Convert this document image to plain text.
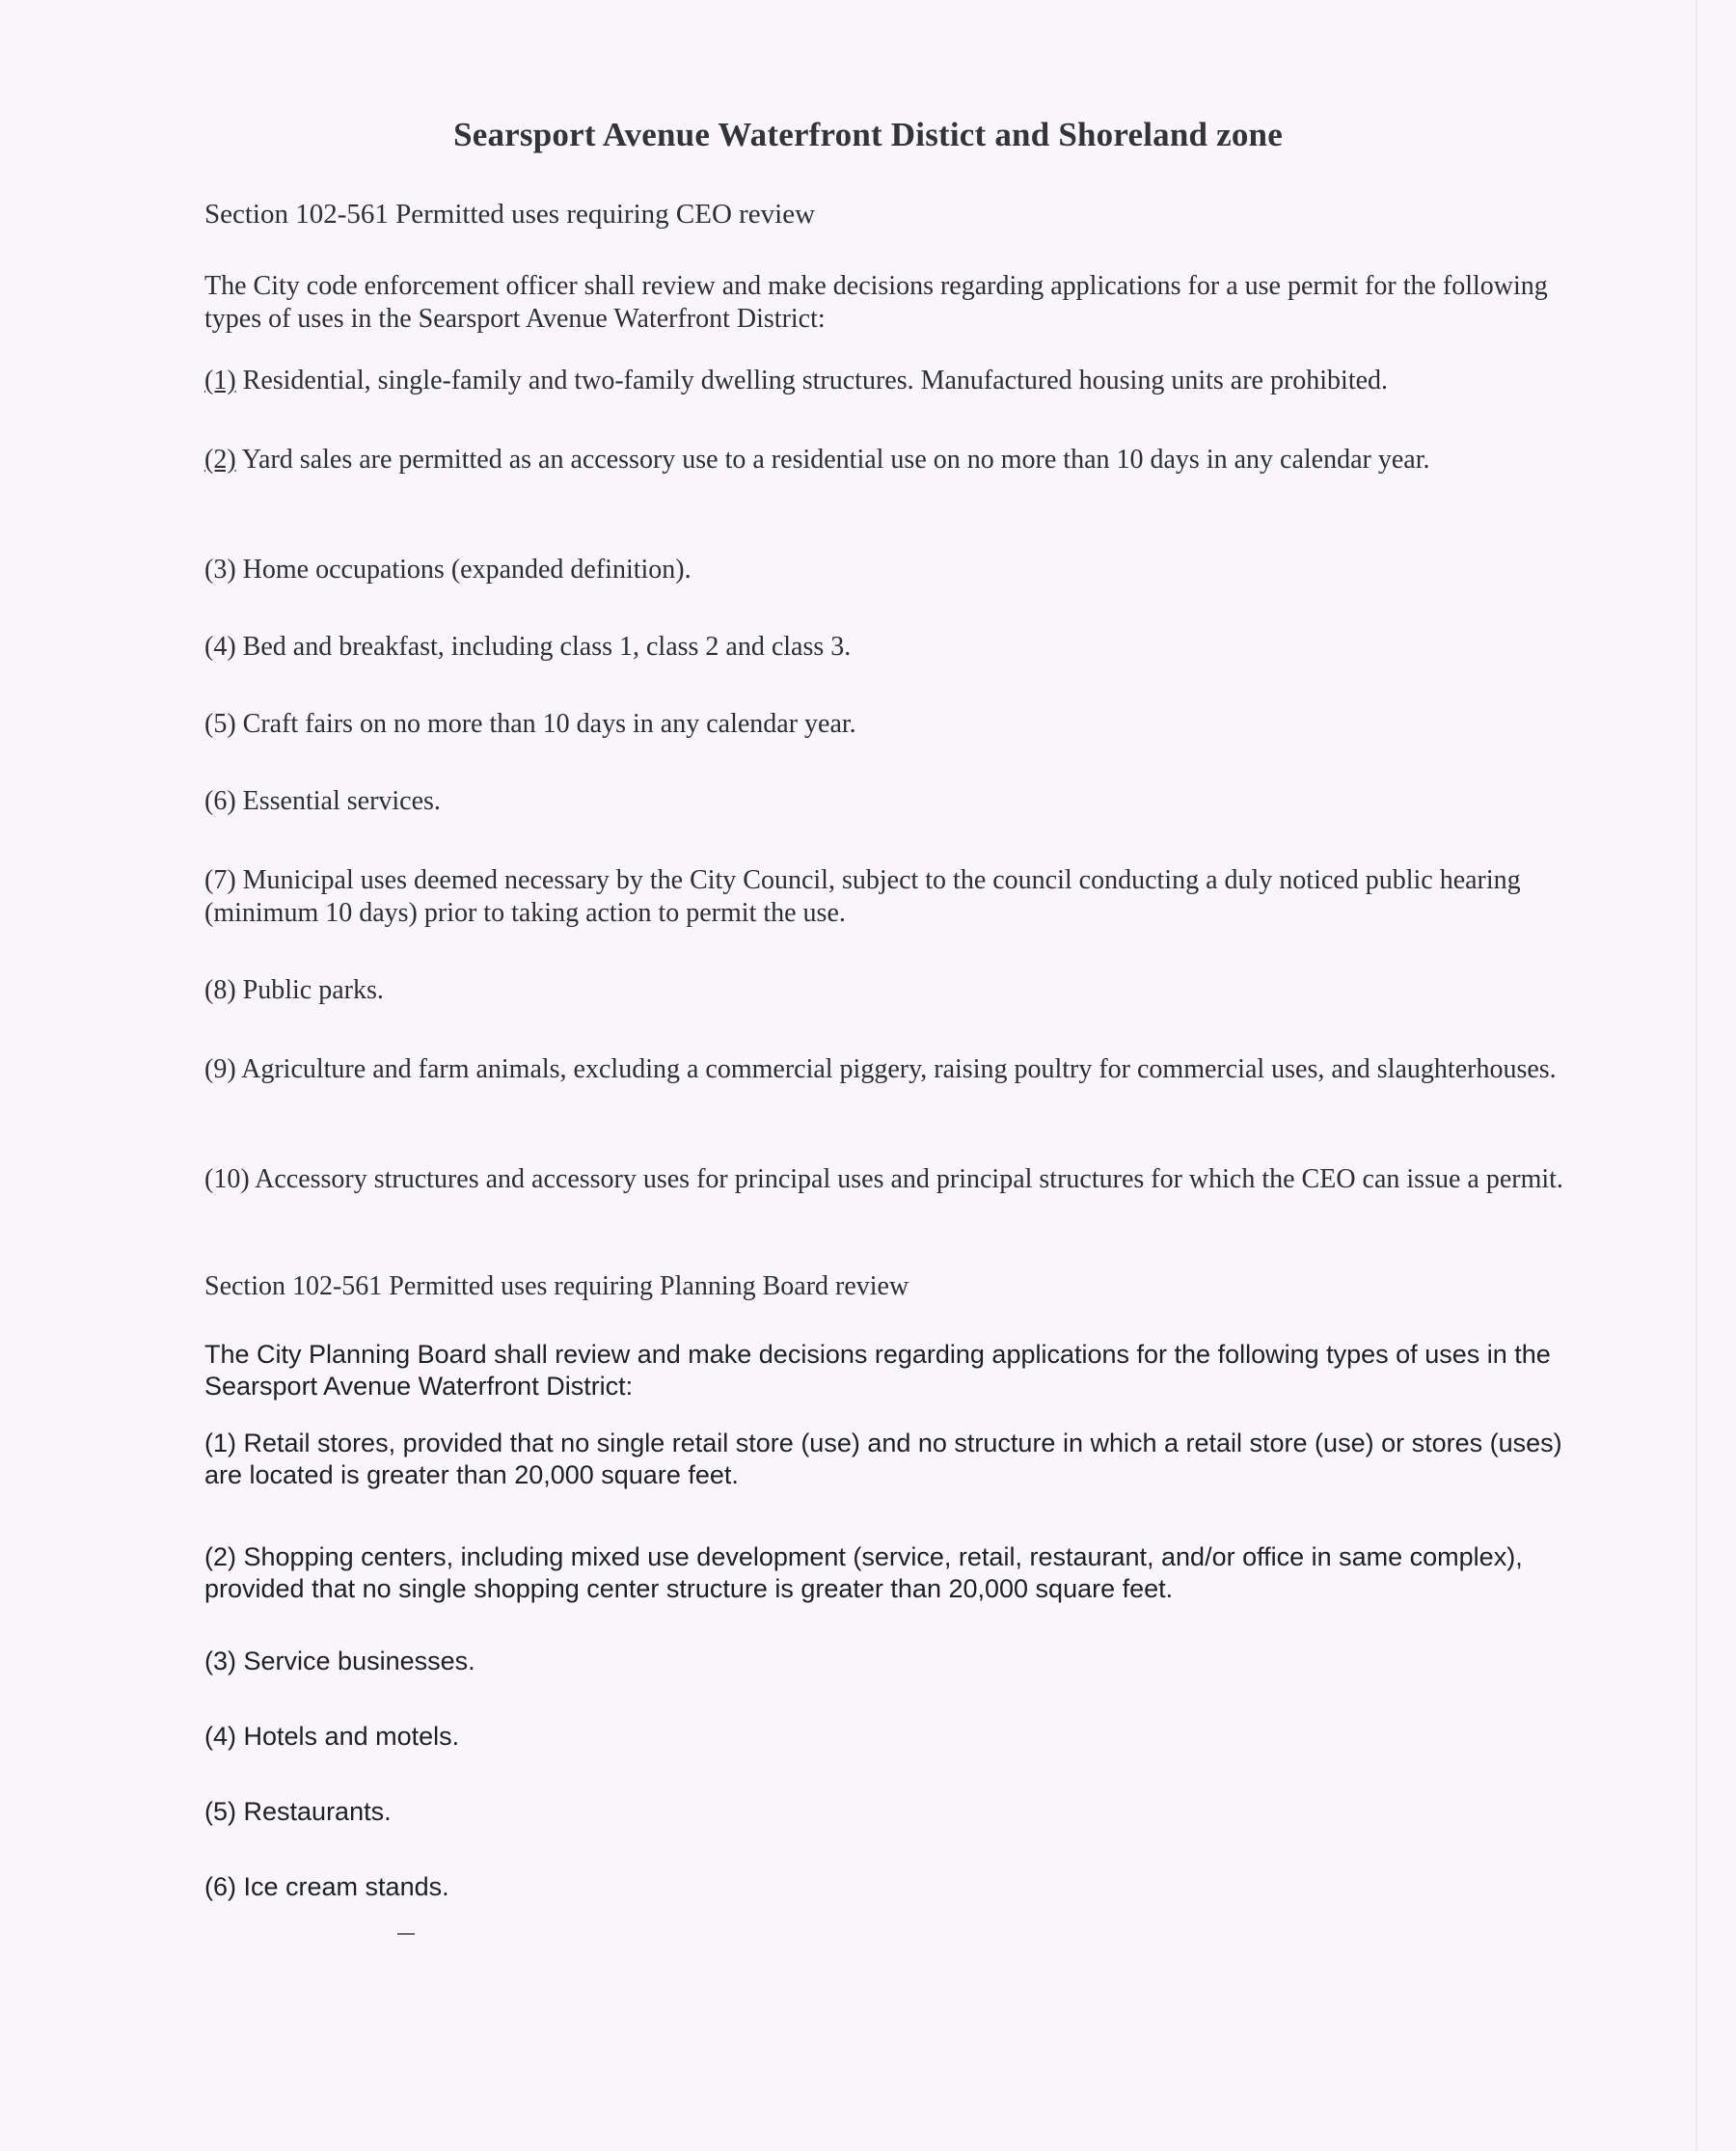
Searsport Avenue Waterfront Distict and Shoreland zone
Section 102-561 Permitted uses requiring CEO review
The City code enforcement officer shall review and make decisions regarding applications for a use permit for the following types of uses in the Searsport Avenue Waterfront District:
(1) Residential, single-family and two-family dwelling structures. Manufactured housing units are prohibited.
(2) Yard sales are permitted as an accessory use to a residential use on no more than 10 days in any calendar year.
(3) Home occupations (expanded definition).
(4) Bed and breakfast, including class 1, class 2 and class 3.
(5) Craft fairs on no more than 10 days in any calendar year.
(6) Essential services.
(7) Municipal uses deemed necessary by the City Council, subject to the council conducting a duly noticed public hearing (minimum 10 days) prior to taking action to permit the use.
(8) Public parks.
(9) Agriculture and farm animals, excluding a commercial piggery, raising poultry for commercial uses, and slaughterhouses.
(10) Accessory structures and accessory uses for principal uses and principal structures for which the CEO can issue a permit.
Section 102-561 Permitted uses requiring Planning Board review
The City Planning Board shall review and make decisions regarding applications for the following types of uses in the Searsport Avenue Waterfront District:
(1) Retail stores, provided that no single retail store (use) and no structure in which a retail store (use) or stores (uses) are located is greater than 20,000 square feet.
(2) Shopping centers, including mixed use development (service, retail, restaurant, and/or office in same complex), provided that no single shopping center structure is greater than 20,000 square feet.
(3) Service businesses.
(4) Hotels and motels.
(5) Restaurants.
(6) Ice cream stands.
